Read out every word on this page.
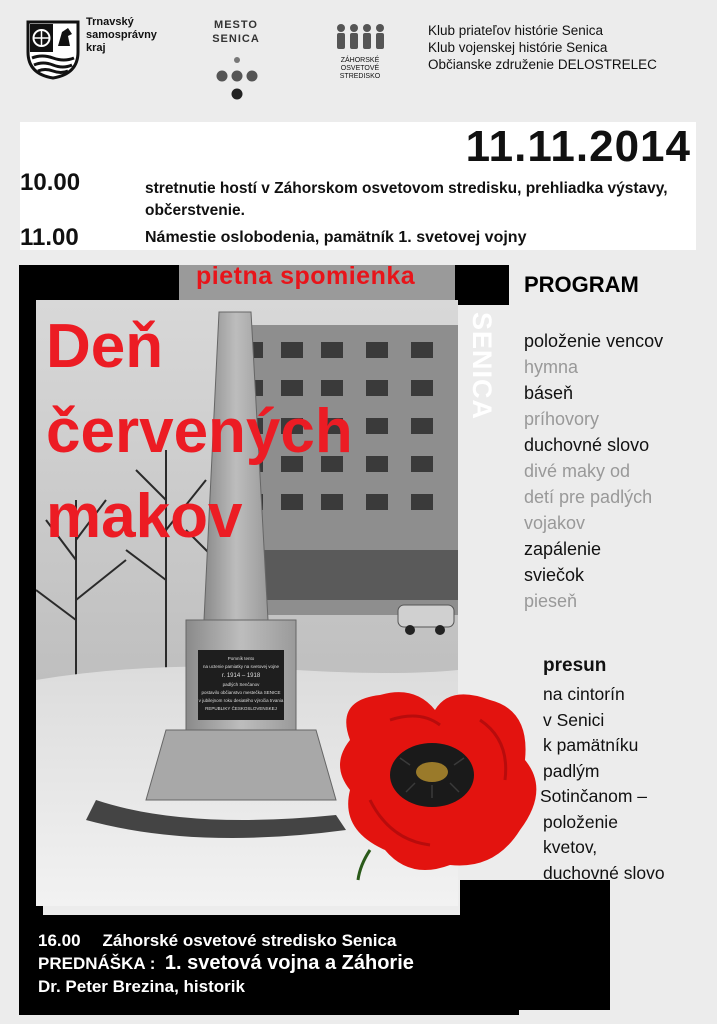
Trnavský
samosprávny
kraj
MESTO
SENICA
ZÁHORSKÉ
OSVETOVÉ
STREDISKO
Klub priateľov histórie Senica
Klub vojenskej histórie Senica
Občianske združenie DELOSTRELEC
11.11.2014
10.00	stretnutie hostí v Záhorskom osvetovom stredisku, prehliadka výstavy, občerstvenie.
11.00	Námestie oslobodenia, pamätník 1. svetovej vojny
Pomník tento
na uctenie pamiatky na svetovej vojne
r. 1914 – 1918
padlých Senčanov
postavilo občianstvo mestečka SENICE
v jubilejnom roku desiatého výročia trvania
REPUBLIKY ČESKOSLOVENSKEJ
pietna spomienka
SENICA
Deň
červených
makov
PROGRAM
položenie vencov
hymna
báseň
príhovory
duchovné slovo
divé maky od
detí pre padlých
vojakov
zapálenie
sviečok
pieseň
presun
na cintorín
v Senici
k pamätníku
padlým
Sotinčanom –
položenie
kvetov,
duchovné slovo
16.00 Záhorské osvetové stredisko Senica
PREDNÁŠKA : 1. svetová vojna a Záhorie
Dr. Peter Brezina, historik
